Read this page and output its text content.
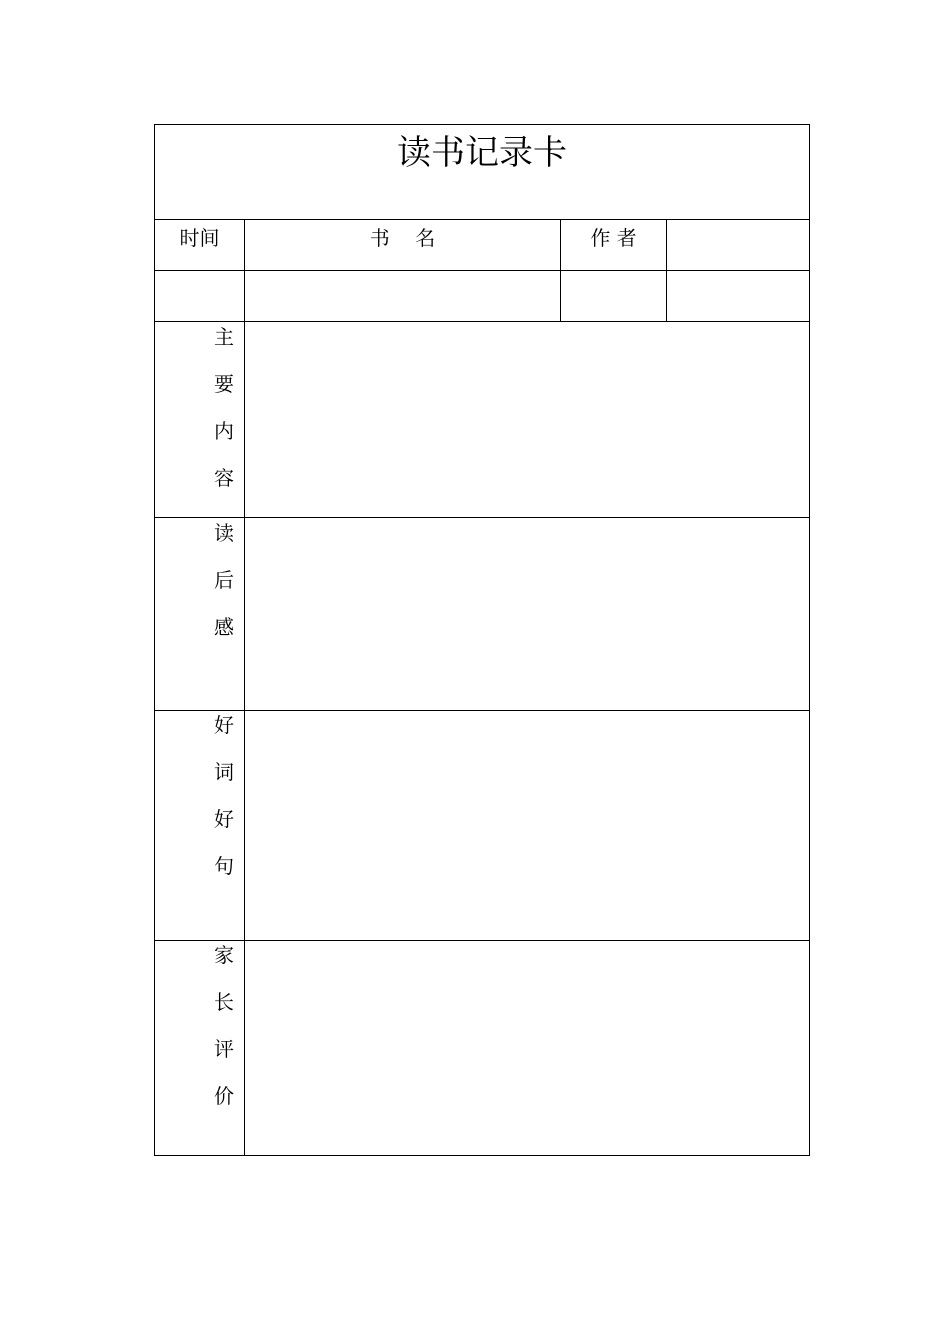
读书记录卡
时间	书    名	作 者
主
要
内
容
读
后
感
好
词
好
句
家
长
评
价
